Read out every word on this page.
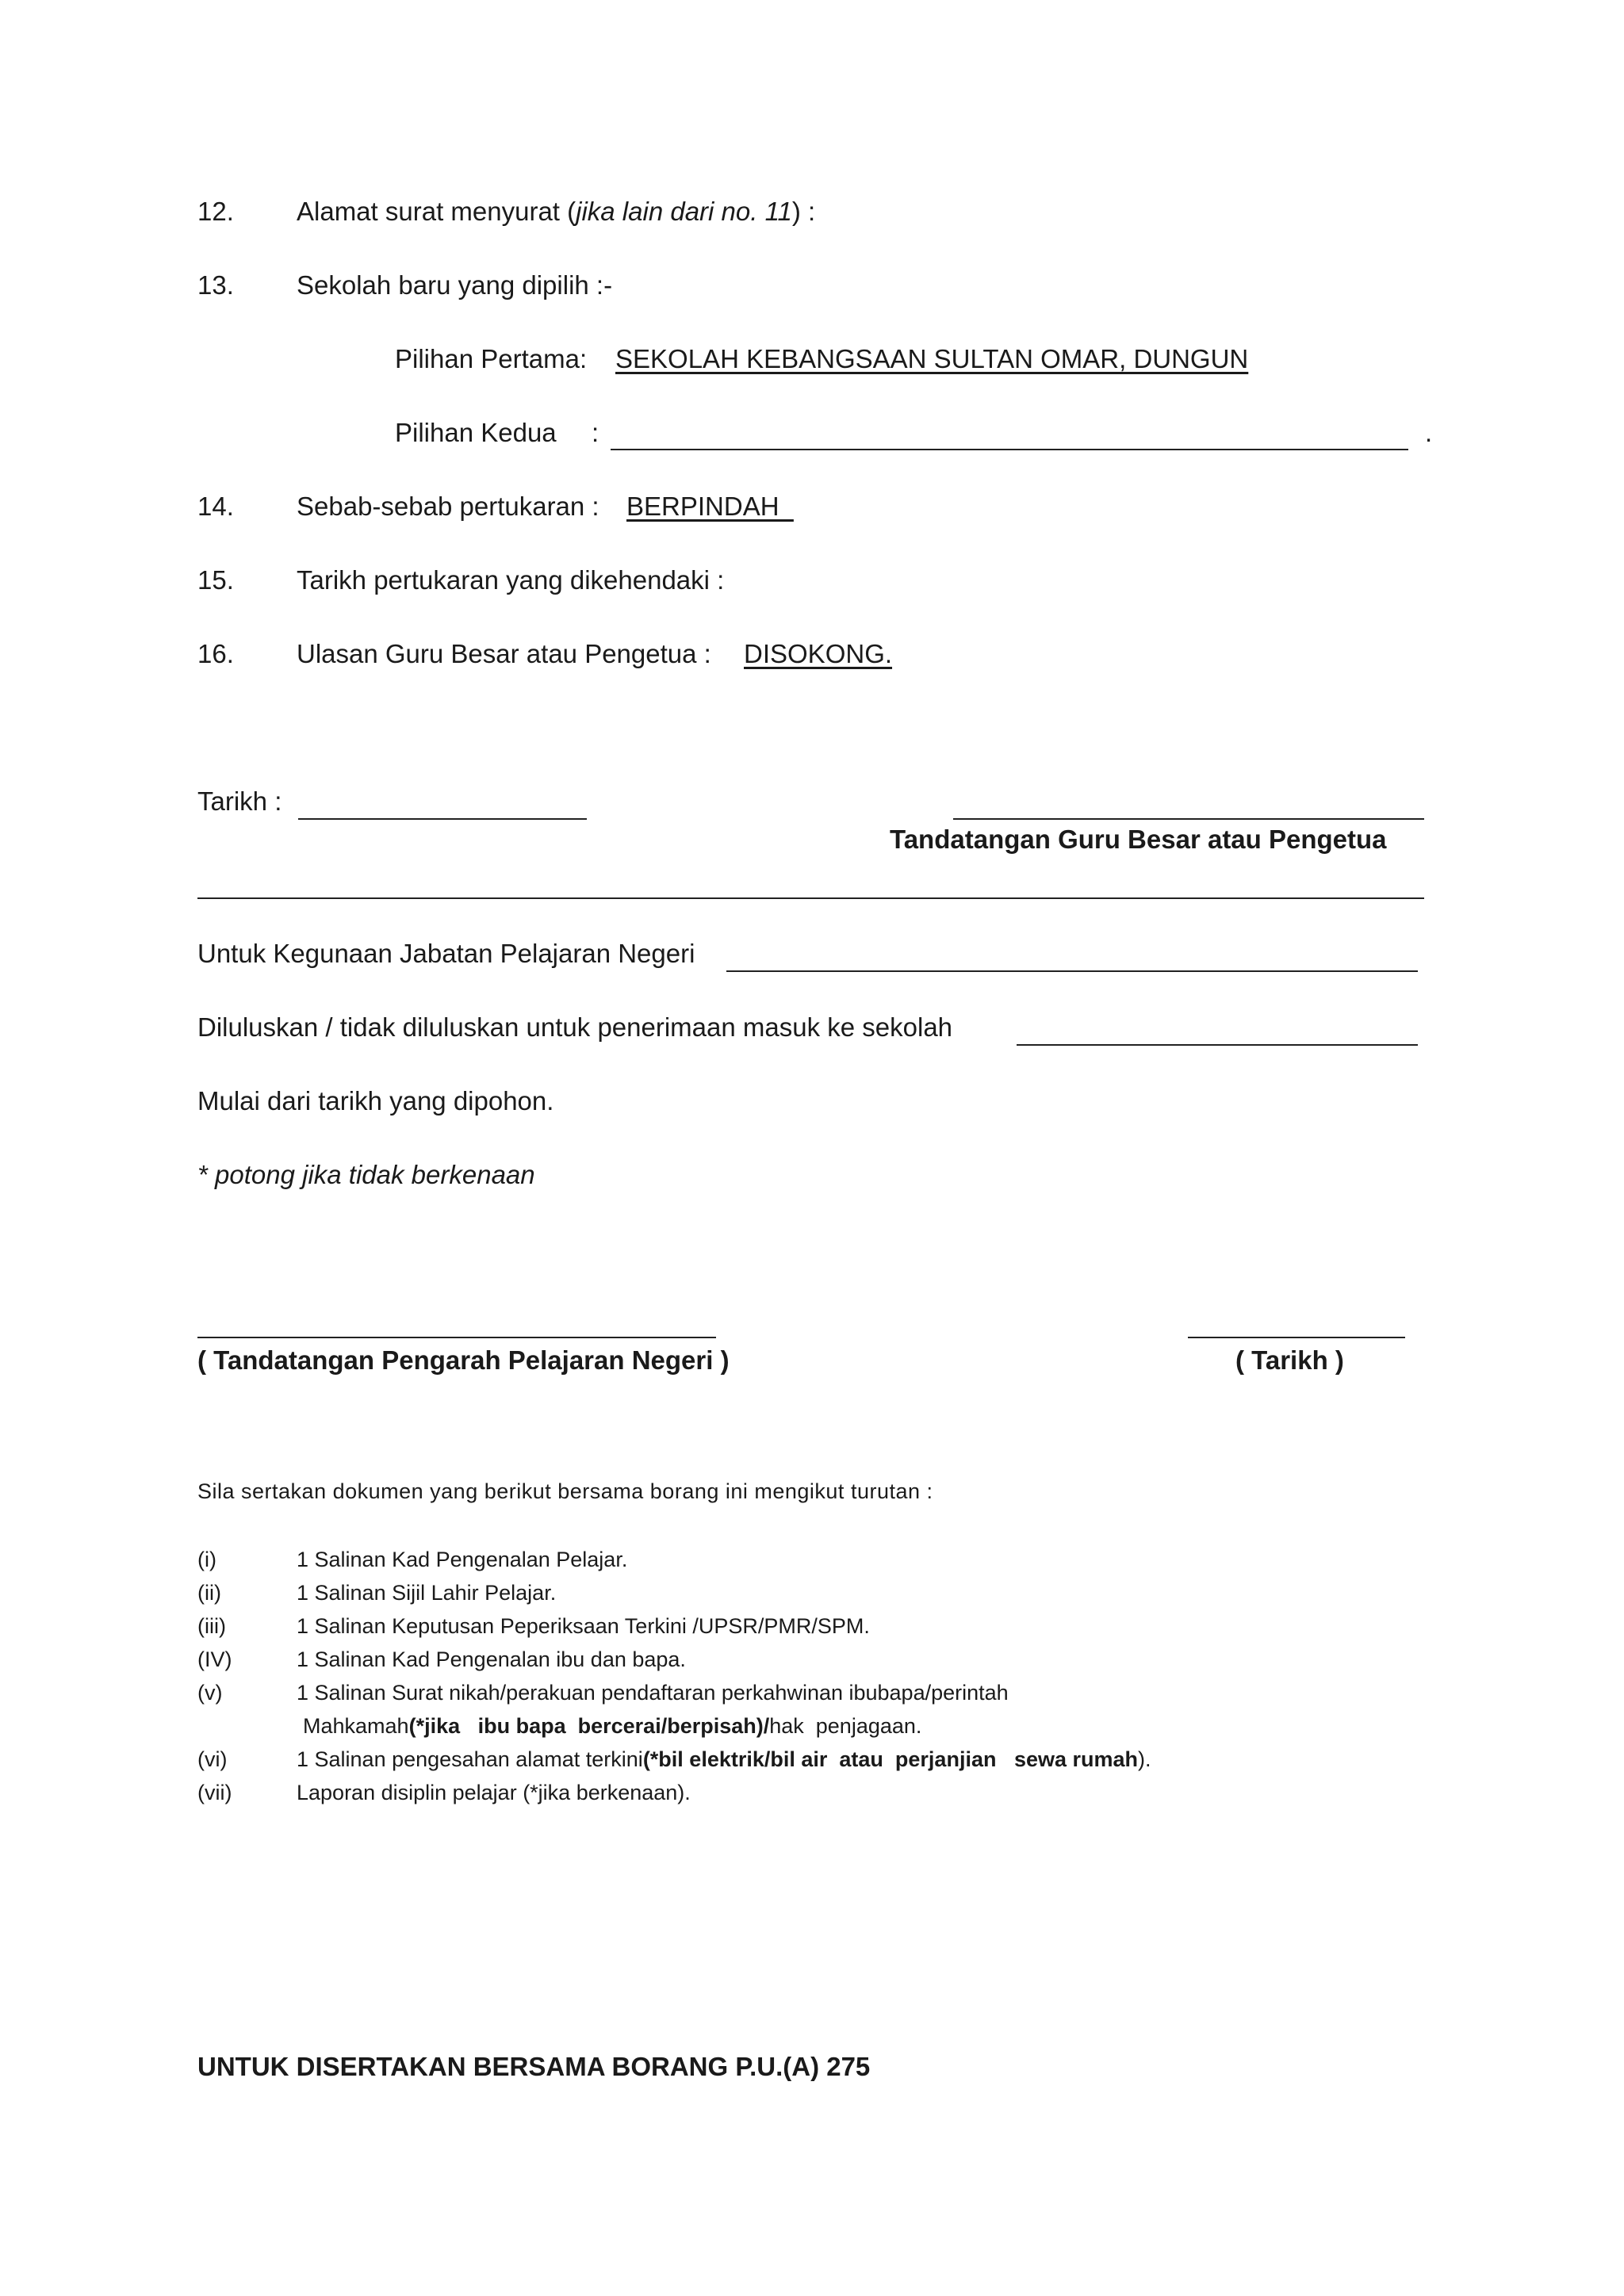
12. Alamat surat menyurat (jika lain dari no. 11) :
13. Sekolah baru yang dipilih :-
Pilihan Pertama: SEKOLAH KEBANGSAAN SULTAN OMAR, DUNGUN
Pilihan Kedua :	.
14. Sebab-sebab pertukaran : BERPINDAH
15. Tarikh pertukaran yang dikehendaki :
16. Ulasan Guru Besar atau Pengetua : DISOKONG.
Tarikh :
Tandatangan Guru Besar atau Pengetua
Untuk Kegunaan Jabatan Pelajaran Negeri
Diluluskan / tidak diluluskan untuk penerimaan masuk ke sekolah
Mulai dari tarikh yang dipohon.
* potong jika tidak berkenaan
( Tandatangan Pengarah Pelajaran Negeri )	( Tarikh )
Sila sertakan dokumen yang berikut bersama borang ini mengikut turutan :
(i)	1 Salinan Kad Pengenalan Pelajar.
(ii)	1 Salinan Sijil Lahir Pelajar.
(iii)	1 Salinan Keputusan Peperiksaan Terkini /UPSR/PMR/SPM.
(IV)	1 Salinan Kad Pengenalan ibu dan bapa.
(v)	1 Salinan Surat nikah/perakuan pendaftaran perkahwinan ibubapa/perintah
Mahkamah(*jika   ibu bapa  bercerai/berpisah)/hak  penjagaan.
(vi)	1 Salinan pengesahan alamat terkini(*bil elektrik/bil air  atau  perjanjian   sewa rumah).
(vii)	Laporan disiplin pelajar (*jika berkenaan).
UNTUK DISERTAKAN BERSAMA BORANG P.U.(A) 275
